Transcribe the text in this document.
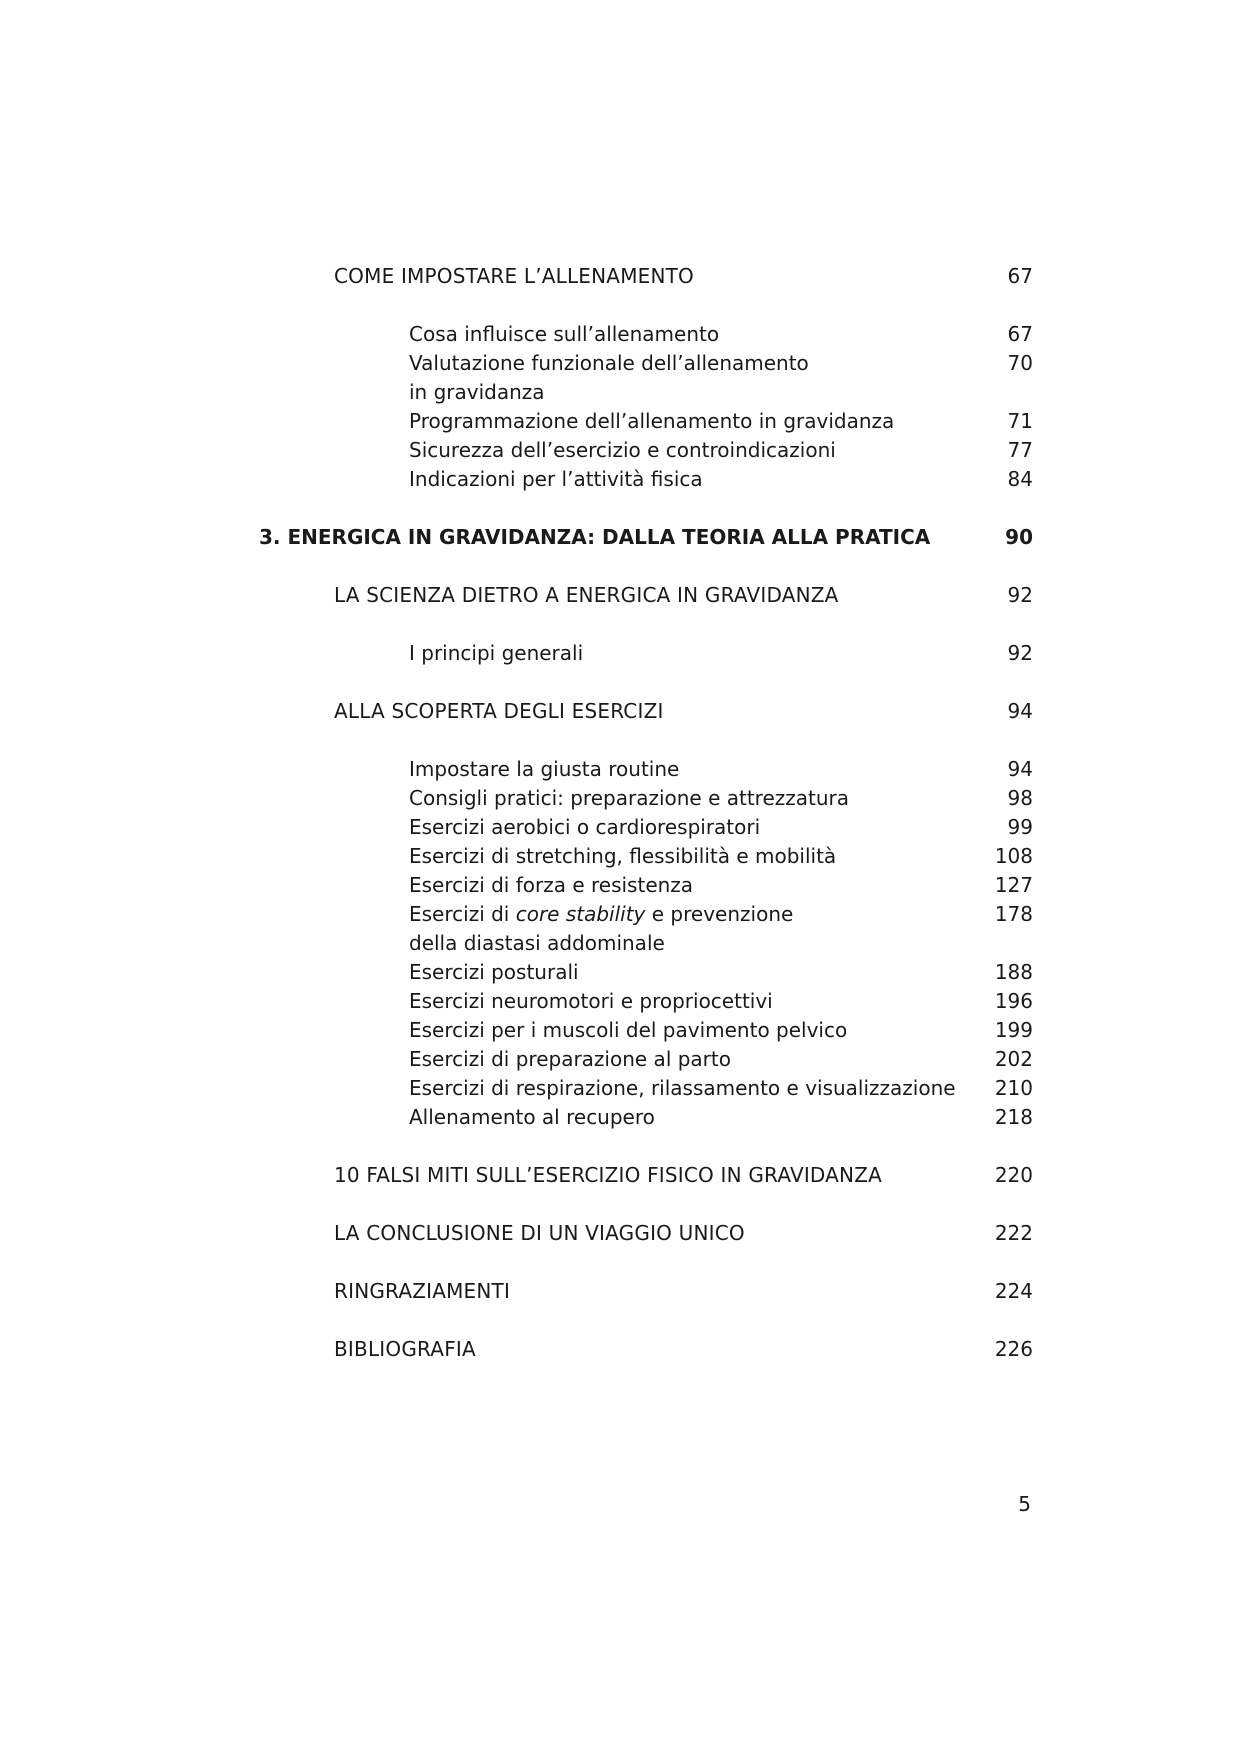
COME IMPOSTARE L’ALLENAMENTO	67
Cosa influisce sull’allenamento	67
Valutazione funzionale dell’allenamento	70
in gravidanza
Programmazione dell’allenamento in gravidanza	71
Sicurezza dell’esercizio e controindicazioni	77
Indicazioni per l’attività fisica	84
3. ENERGICA IN GRAVIDANZA: DALLA TEORIA ALLA PRATICA	90
LA SCIENZA DIETRO A ENERGICA IN GRAVIDANZA	92
I principi generali	92
ALLA SCOPERTA DEGLI ESERCIZI	94
Impostare la giusta routine	94
Consigli pratici: preparazione e attrezzatura	98
Esercizi aerobici o cardiorespiratori	99
Esercizi di stretching, flessibilità e mobilità	108
Esercizi di forza e resistenza	127
Esercizi di core stability e prevenzione	178
della diastasi addominale
Esercizi posturali	188
Esercizi neuromotori e propriocettivi	196
Esercizi per i muscoli del pavimento pelvico	199
Esercizi di preparazione al parto	202
Esercizi di respirazione, rilassamento e visualizzazione 210
Allenamento al recupero	218
10 FALSI MITI SULL’ESERCIZIO FISICO IN GRAVIDANZA	220
LA CONCLUSIONE DI UN VIAGGIO UNICO	222
RINGRAZIAMENTI	224
BIBLIOGRAFIA	226
5
